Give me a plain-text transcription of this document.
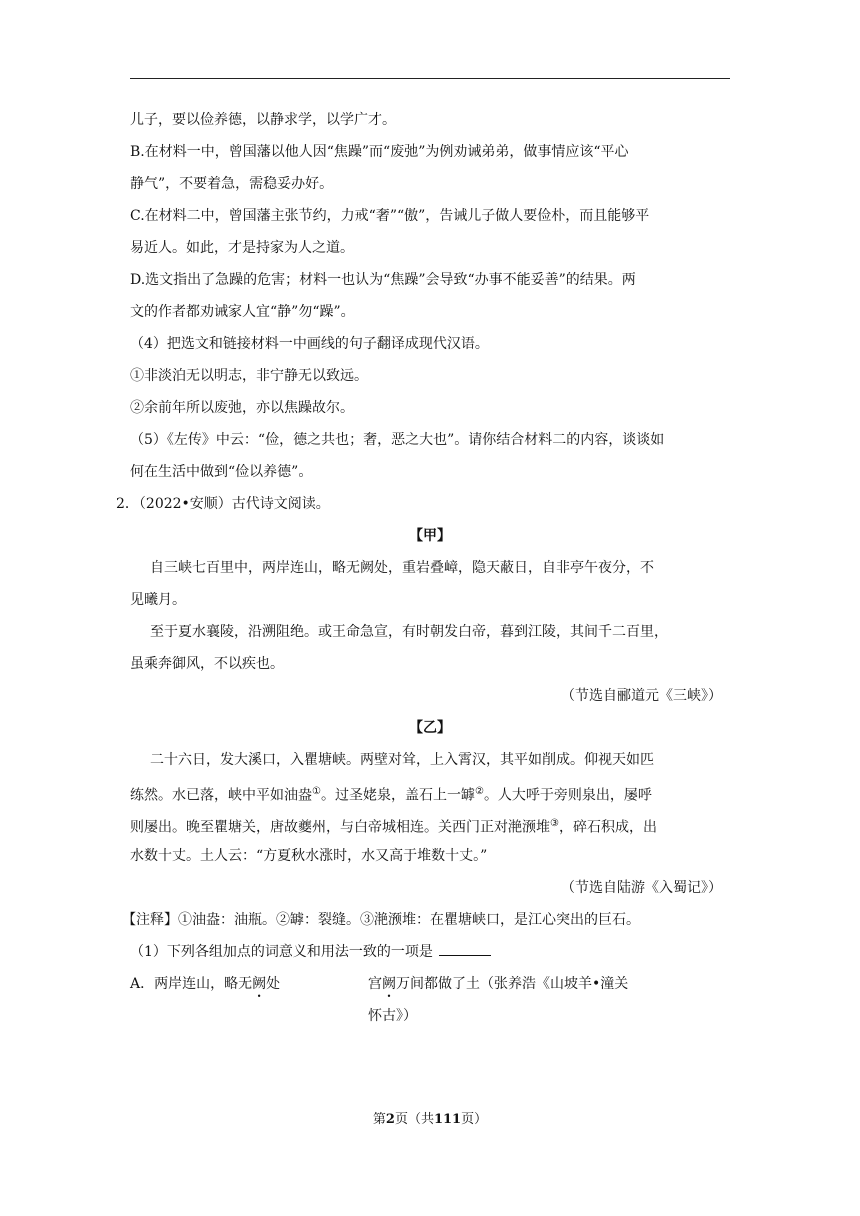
儿子，要以俭养德，以静求学，以学广才。
B.在材料一中，曾国藩以他人因“焦躁”而“废弛”为例劝诫弟弟，做事情应该“平心
静气”，不要着急，需稳妥办好。
C.在材料二中，曾国藩主张节约，力戒“奢”“傲”，告诫儿子做人要俭朴，而且能够平
易近人。如此，才是持家为人之道。
D.选文指出了急躁的危害；材料一也认为“焦躁”会导致“办事不能妥善”的结果。两
文的作者都劝诫家人宜“静”勿“躁”。
（4）把选文和链接材料一中画线的句子翻译成现代汉语。
①非淡泊无以明志，非宁静无以致远。
②余前年所以废弛，亦以焦躁故尔。
（5）《左传》中云：“俭，德之共也；奢，恶之大也”。请你结合材料二的内容，谈谈如
何在生活中做到“俭以养德”。
2．（2022•安顺）古代诗文阅读。
【甲】
自三峡七百里中，两岸连山，略无阙处，重岩叠嶂，隐天蔽日，自非亭午夜分，不
见曦月。
至于夏水襄陵，沿溯阻绝。或王命急宣，有时朝发白帝，暮到江陵，其间千二百里，
虽乘奔御风，不以疾也。
（节选自郦道元《三峡》）
【乙】
二十六日，发大溪口，入瞿塘峡。两壁对耸，上入霄汉，其平如削成。仰视天如匹
练然。水已落，峡中平如油盎①。过圣姥泉，盖石上一罅②。人大呼于旁则泉出，屡呼
则屡出。晚至瞿塘关，唐故夔州，与白帝城相连。关西门正对滟滪堆③，碎石积成，出
水数十丈。土人云：“方夏秋水涨时，水又高于堆数十丈。”
（节选自陆游《入蜀记》）
【注释】①油盎：油瓶。②罅：裂缝。③滟滪堆：在瞿塘峡口，是江心突出的巨石。
（1）下列各组加点的词意义和用法一致的一项是
A．两岸连山，略无阙处	宫阙万间都做了土（张养浩《山坡羊•潼关
怀古》）
第2页（共111页）
